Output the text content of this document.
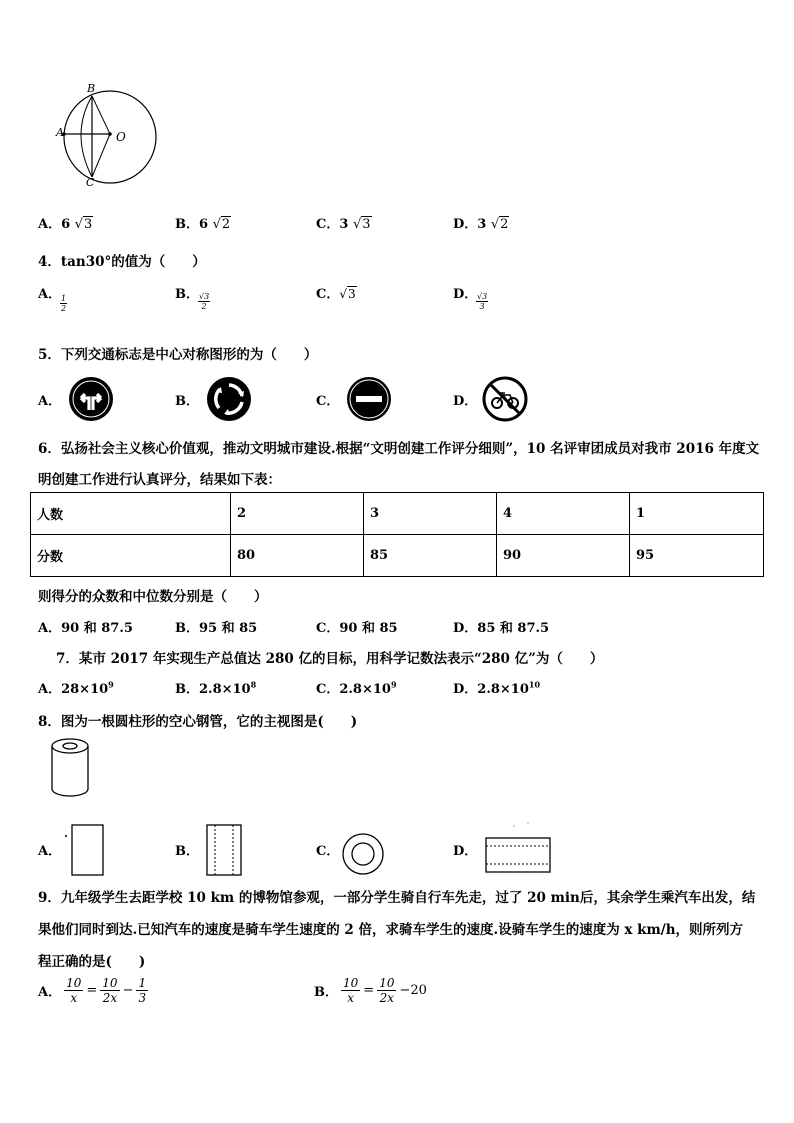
B
A	O
C
A．6 √3	B．6 √2	C．3 √3	D．3 √2
4．tan30°的值为（　　）
A．
$\frac{1}{2}$	B． $\frac{√3}{2}$	C．√3	D．
$\frac{√3}{3}$
5．下列交通标志是中心对称图形的为（　　）
A．	B．	C．	D．
6．弘扬社会主义核心价值观，推动文明城市建设.根据“文明创建工作评分细则”，10 名评审团成员对我市 2016 年度文
明创建工作进行认真评分，结果如下表：
人数	2	3	4	1
分数	80	85	90	95
则得分的众数和中位数分别是（　　）
A．90 和 87.5	B．95 和 85	C．90 和 85	D．85 和 87.5
7．某市 2017 年实现生产总值达 280 亿的目标，用科学记数法表示“280 亿”为（　　）
A．$28\times 10^9$	B．$2.8\times 10^8$	C．$2.8\times 10^9$	D．$2.8\times 10^{10}$
8．图为一根圆柱形的空心钢管，它的主视图是(　　)
A．	B．	C．	D．
9．九年级学生去距学校 10 km 的博物馆参观，一部分学生骑自行车先走，过了 20 min后，其余学生乘汽车出发，结
果他们同时到达.已知汽车的速度是骑车学生速度的 2 倍，求骑车学生的速度.设骑车学生的速度为 x km/h，则所列方
程正确的是(　　)
A． $\frac{10}{x} = \frac{10}{2x} - \frac{1}{3}$	B． $\frac{10}{x} = \frac{10}{2x} -20$
